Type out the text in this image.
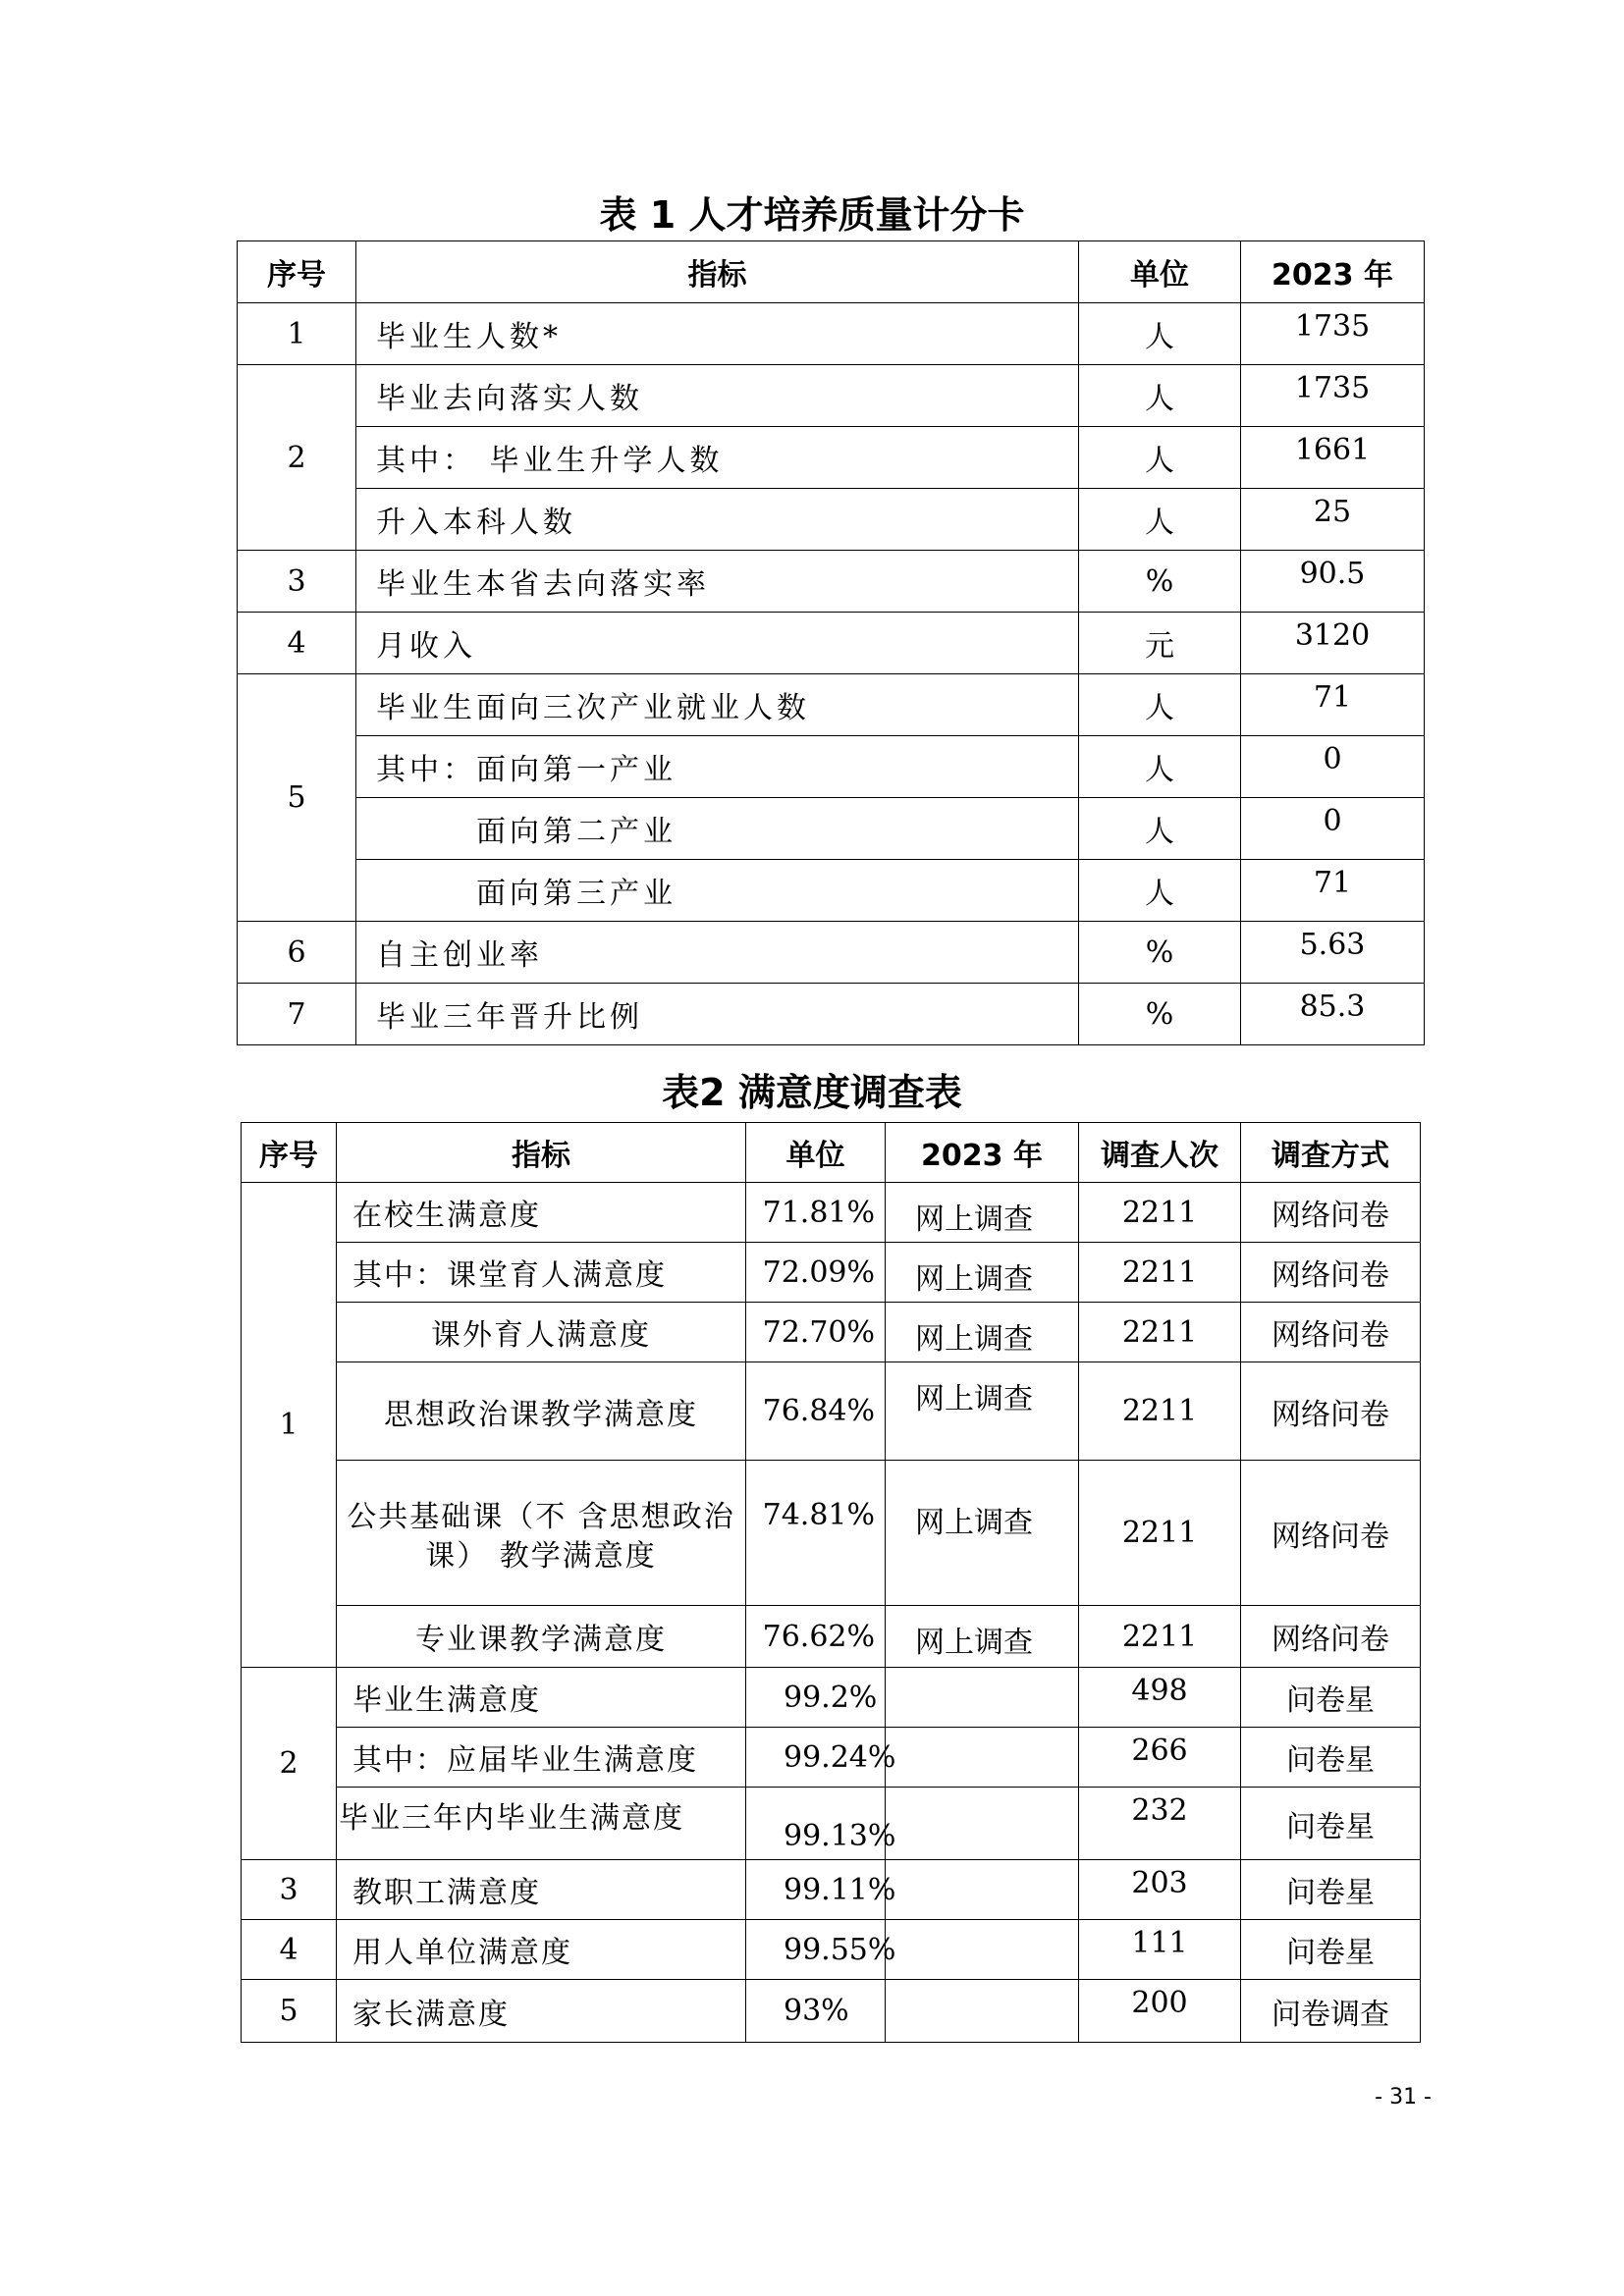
表 1 人才培养质量计分卡
序号	指标	单位	2023 年
1	毕业生人数*	人	1735
2	毕业去向落实人数	人	1735
	其中： 毕业生升学人数	人	1661
	升入本科人数	人	25
3	毕业生本省去向落实率	%	90.5
4	月收入	元	3120
5	毕业生面向三次产业就业人数	人	71
	其中：面向第一产业	人	0
	面向第二产业	人	0
	面向第三产业	人	71
6	自主创业率	%	5.63
7	毕业三年晋升比例	%	85.3
表2 满意度调查表
序号	指标	单位	2023 年	调查人次	调查方式
1	在校生满意度	71.81%	网上调查	2211	网络问卷
	其中：课堂育人满意度	72.09%	网上调查	2211	网络问卷
	课外育人满意度	72.70%	网上调查	2211	网络问卷
	思想政治课教学满意度	76.84%	网上调查	2211	网络问卷
	公共基础课（不 含思想政治课） 教学满意度	74.81%	网上调查	2211	网络问卷
	专业课教学满意度	76.62%	网上调查	2211	网络问卷
2	毕业生满意度	99.2%		498	问卷星
	其中：应届毕业生满意度	99.24%		266	问卷星
	毕业三年内毕业生满意度	99.13%		232	问卷星
3	教职工满意度	99.11%		203	问卷星
4	用人单位满意度	99.55%		111	问卷星
5	家长满意度	93%		200	问卷调查
- 31 -
